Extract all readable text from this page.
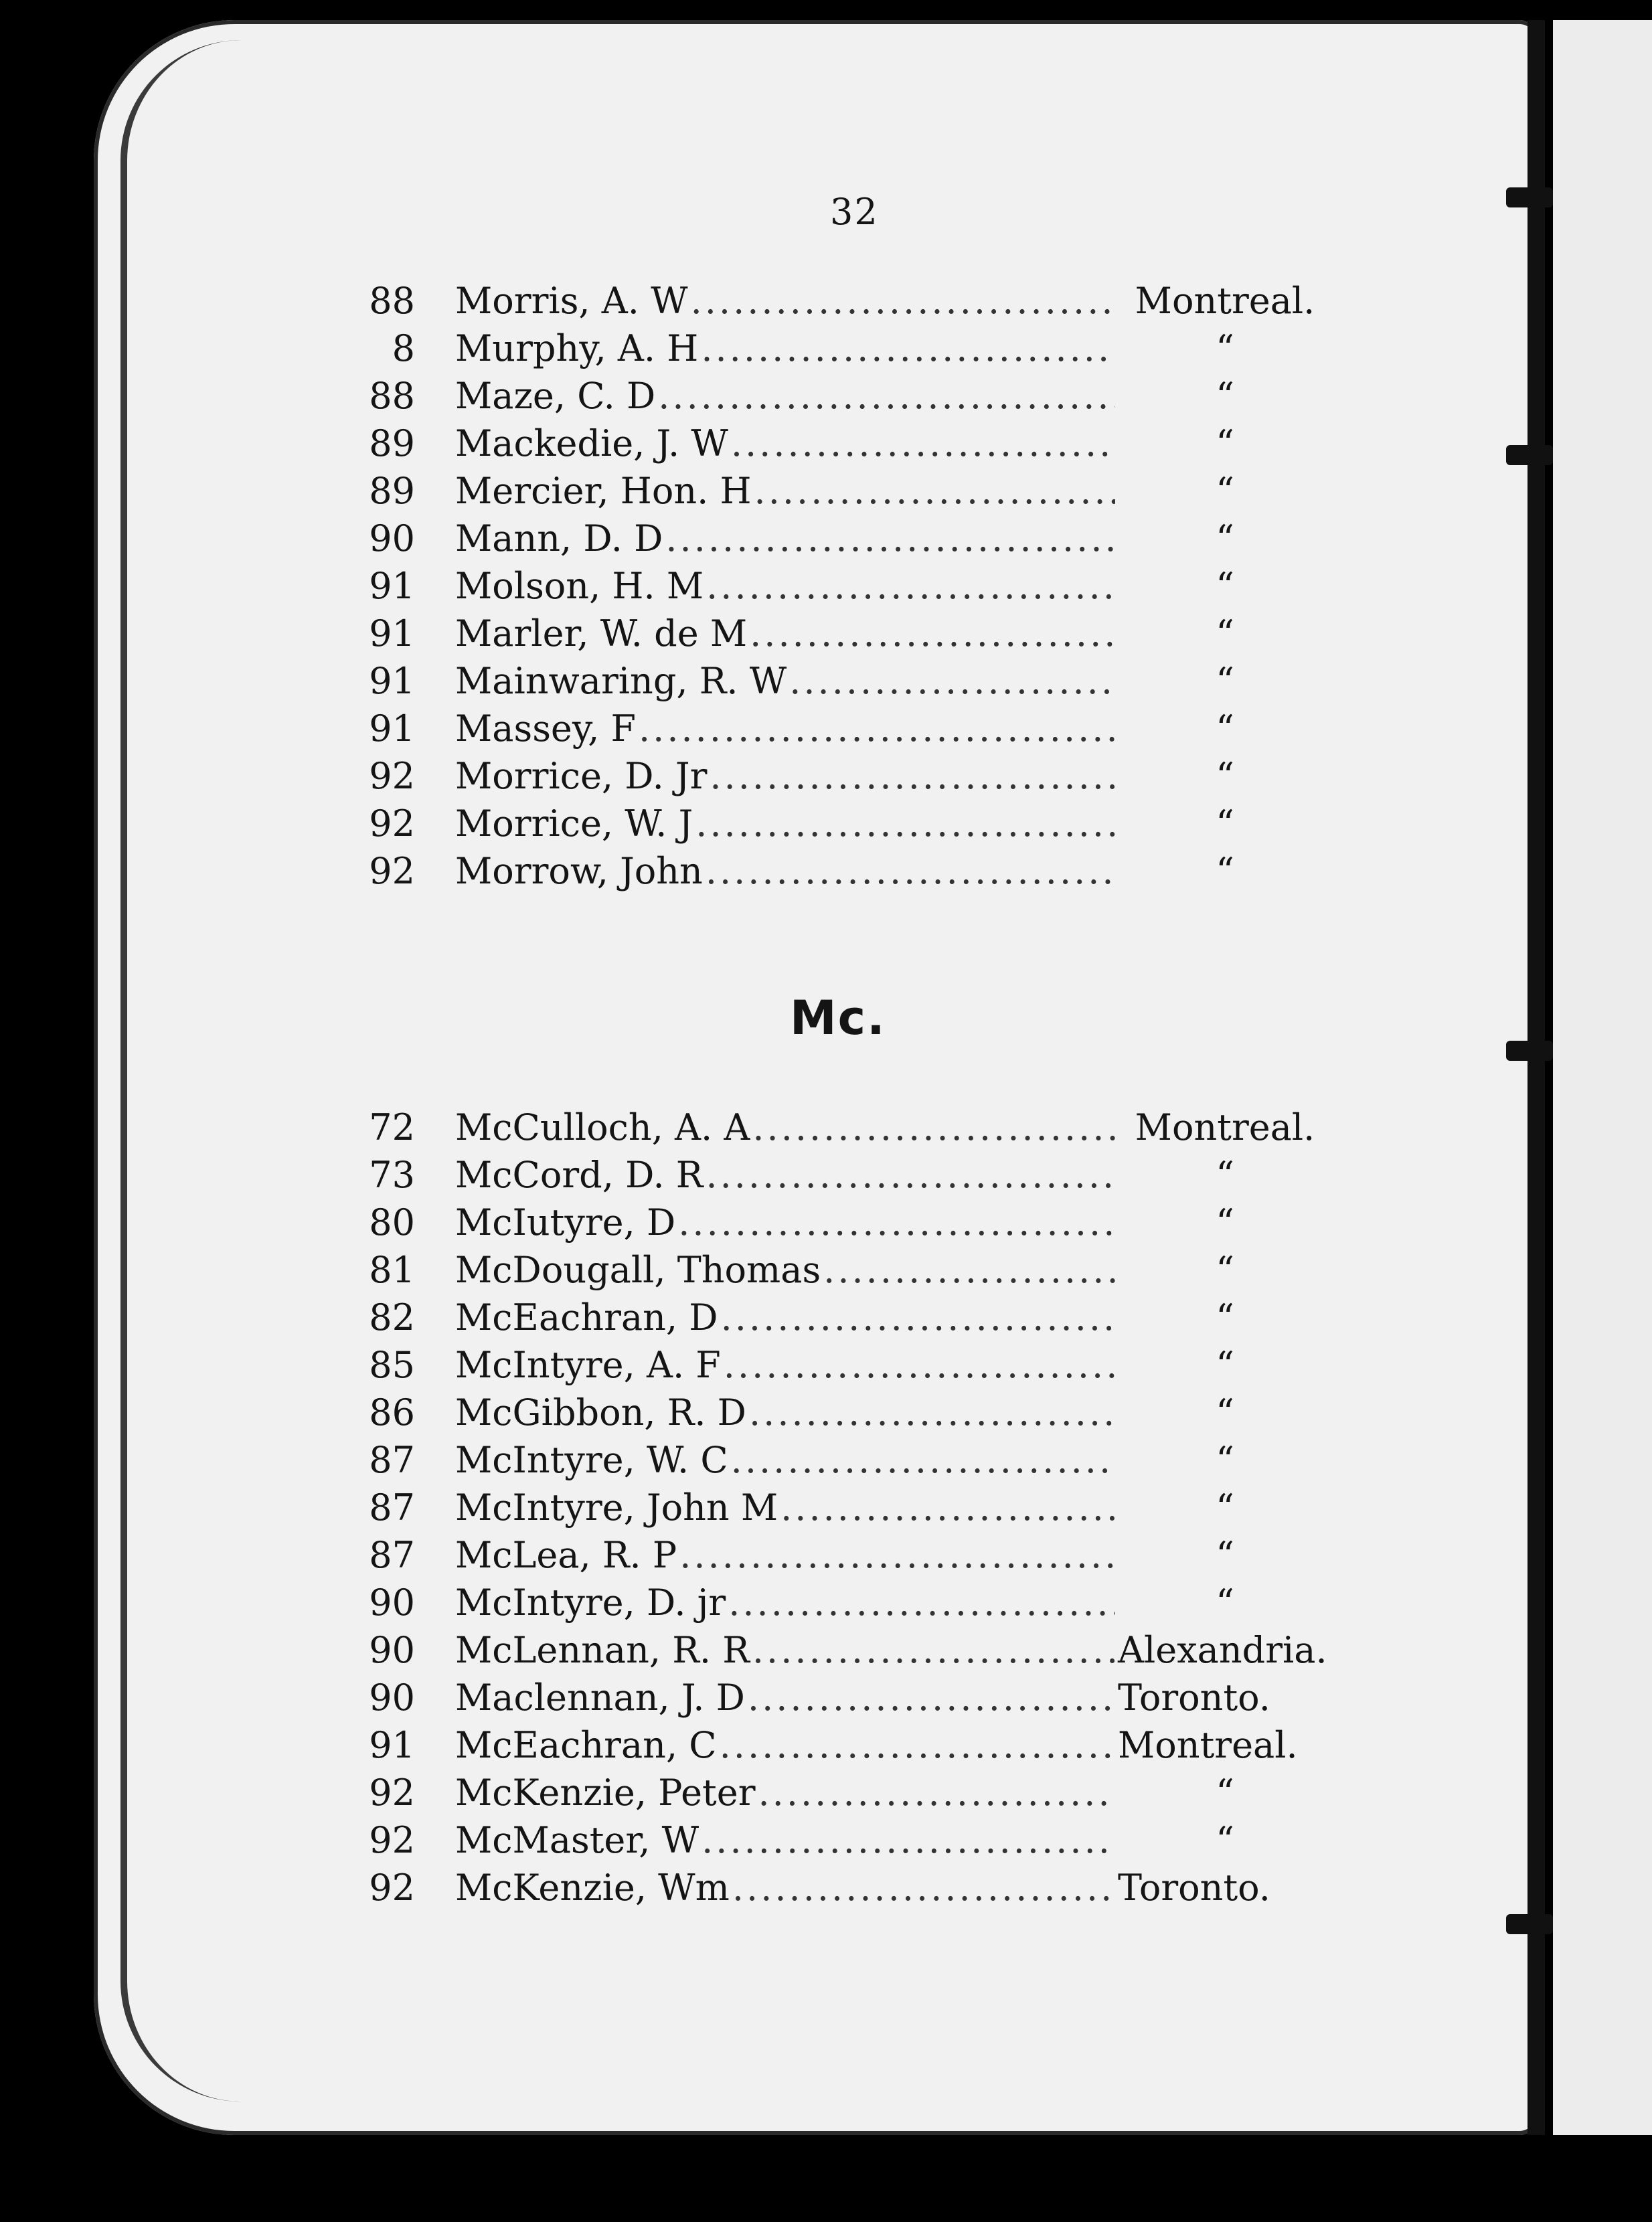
32
88	Morris, A. W .....	Montreal.
8	Murphy, A. H .....	“
88	Maze, C. D .....	“
89	Mackedie, J. W .....	“
89	Mercier, Hon. H .....	“
90	Mann, D. D .....	“
91	Molson, H. M .....	“
91	Marler, W. de M .....	“
91	Mainwaring, R. W .....	“
91	Massey, F .....	“
92	Morrice, D. Jr .....	“
92	Morrice, W. J .....	“
92	Morrow, John .....	“
Mc.
72	McCulloch, A. A .....	Montreal.
73	McCord, D. R .....	“
80	McIutyre, D .....	“
81	McDougall, Thomas .....	“
82	McEachran, D .....	“
85	McIntyre, A. F .....	“
86	McGibbon, R. D .....	“
87	McIntyre, W. C .....	“
87	McIntyre, John M .....	“
87	McLea, R. P .....	“
90	McIntyre, D. jr .....	“
90	McLennan, R. R .....	Alexandria.
90	Maclennan, J. D .....	Toronto.
91	McEachran, C .....	Montreal.
92	McKenzie, Peter .....	“
92	McMaster, W .....	“
92	McKenzie, Wm .....	Toronto.
